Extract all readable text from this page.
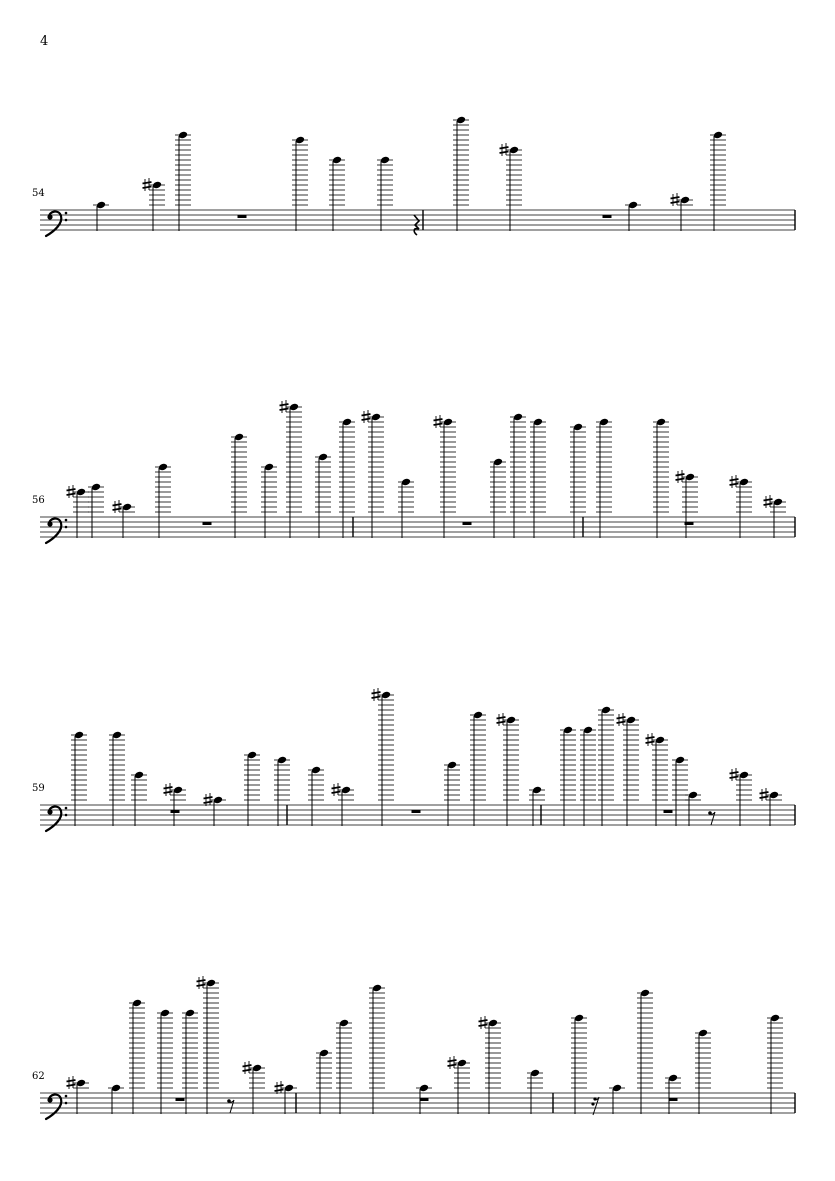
4
54
56
59
62
